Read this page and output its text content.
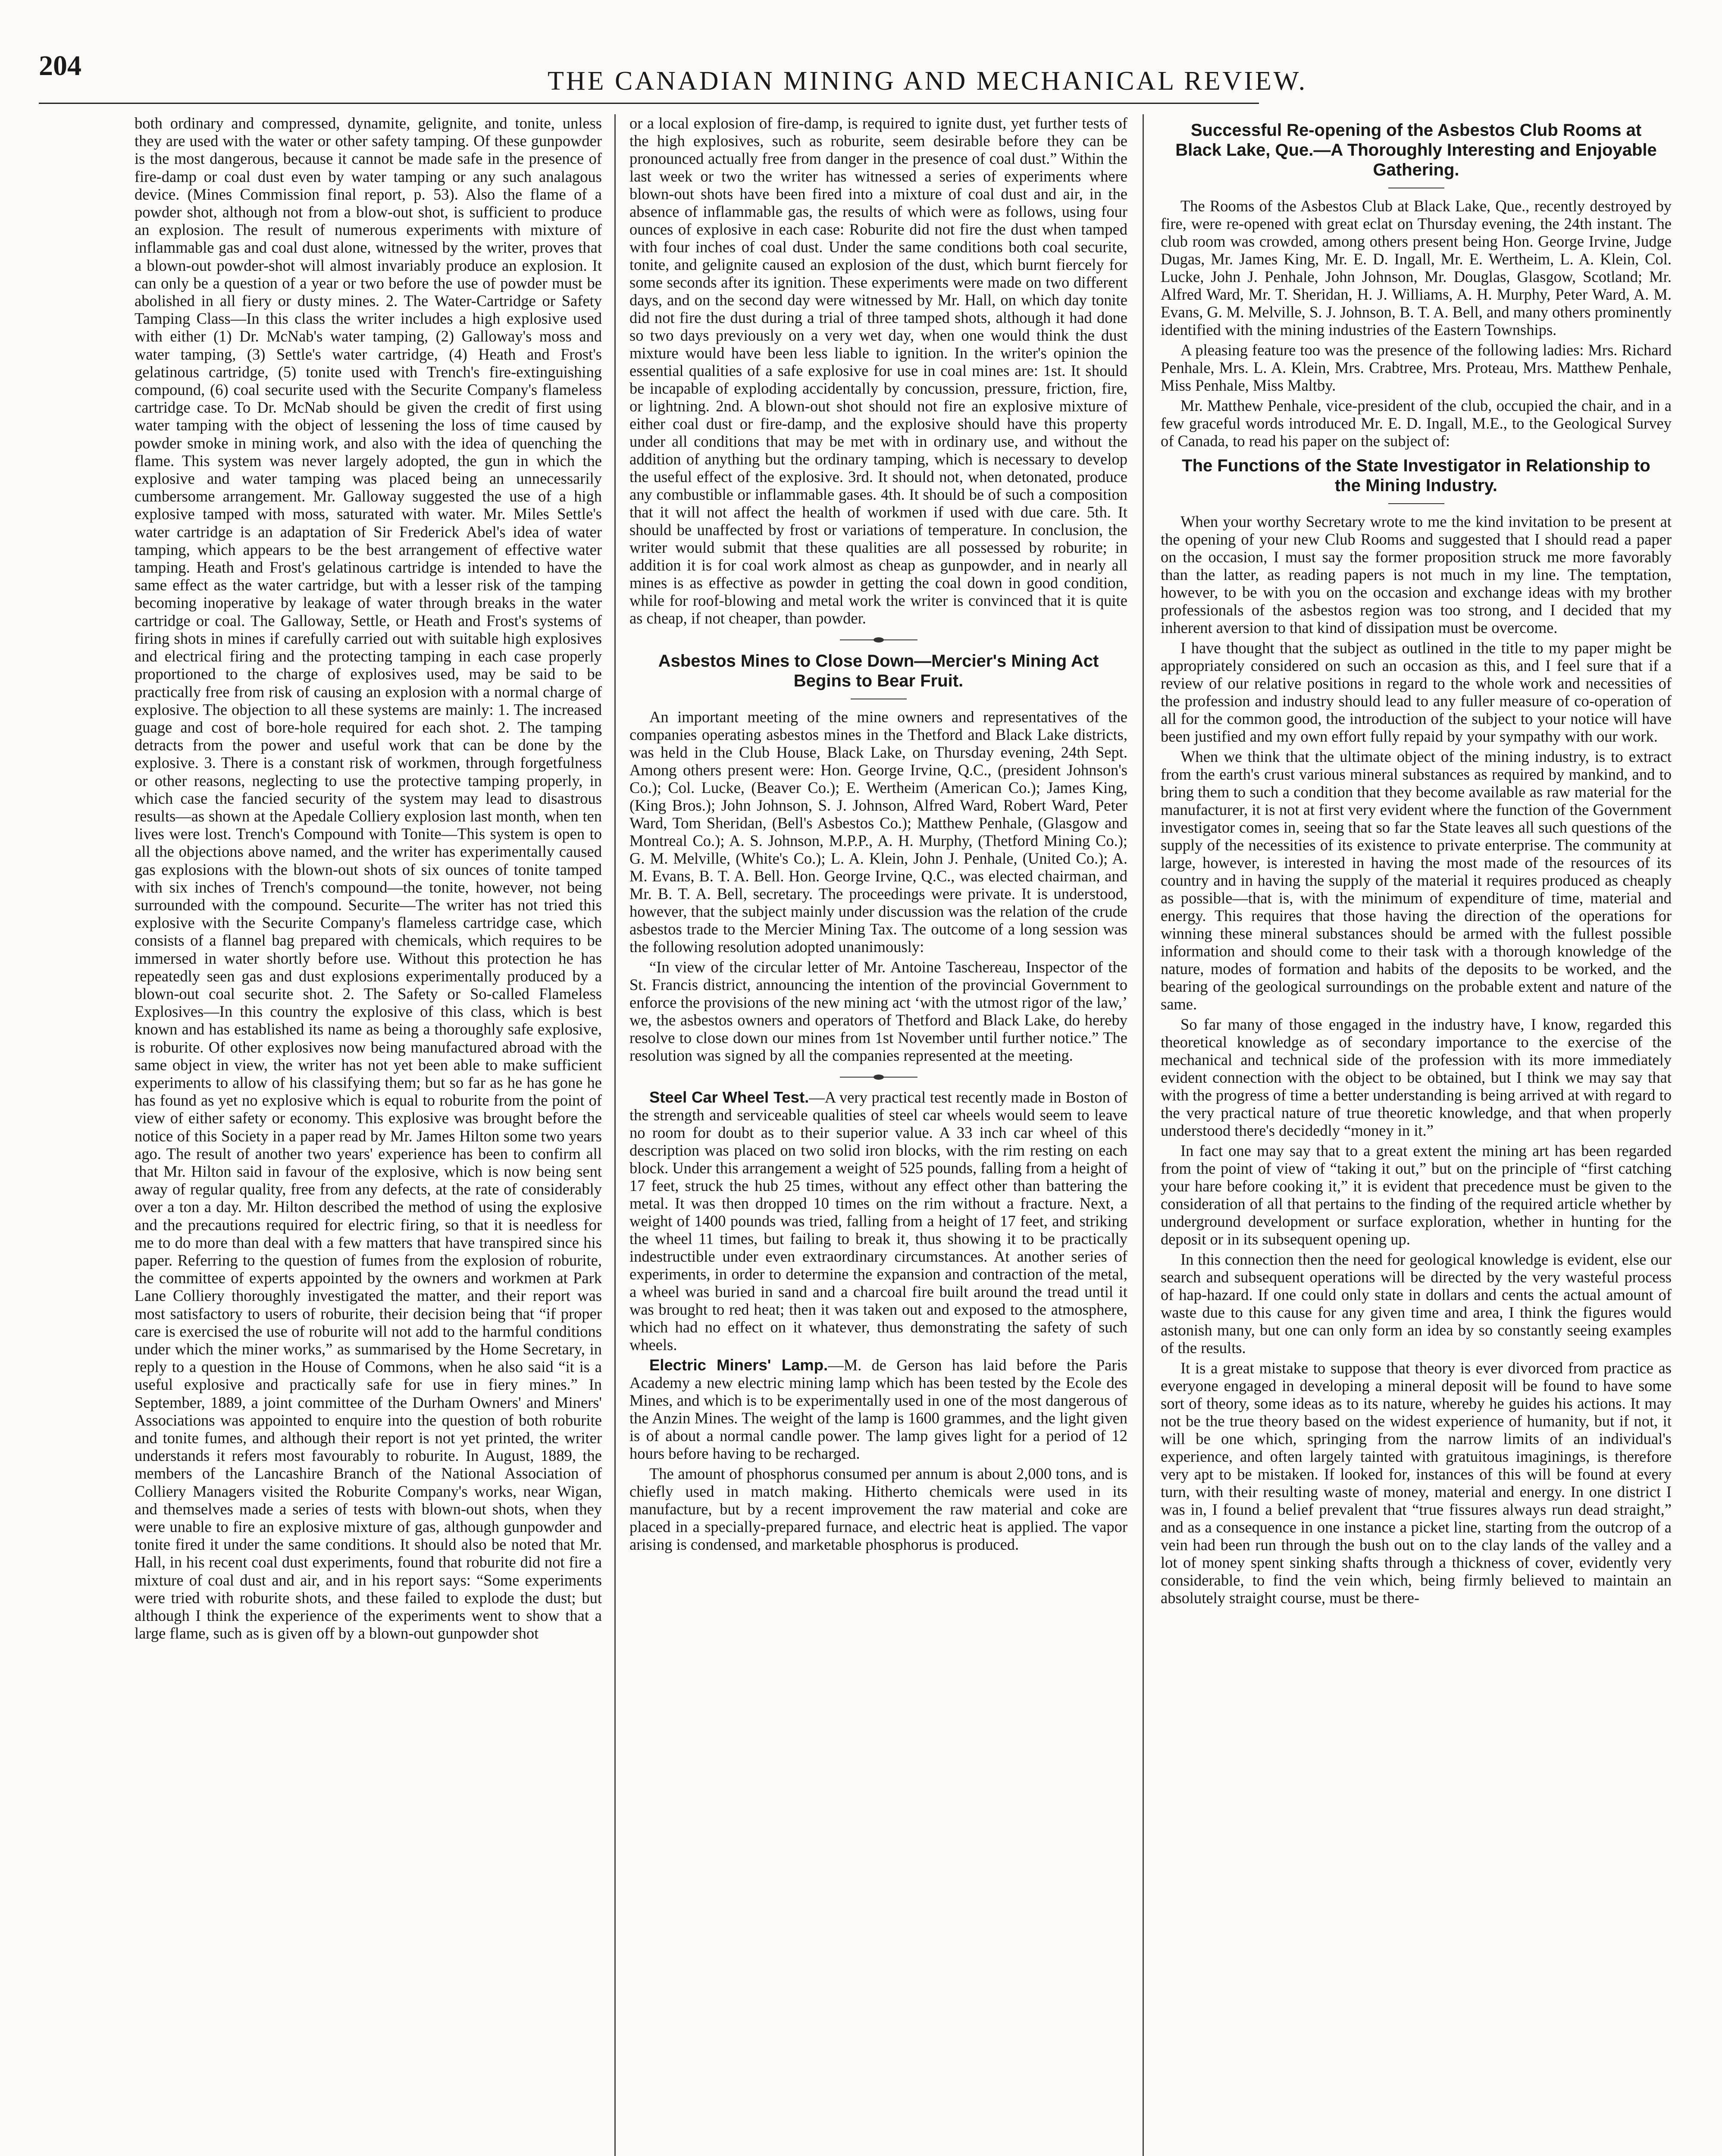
204	THE CANADIAN MINING AND MECHANICAL REVIEW.

both ordinary and compressed, dynamite, gelignite, and tonite, unless they are used with the water or other safety tamping. Of these gunpowder is the most dangerous, because it cannot be made safe in the presence of fire-damp or coal dust even by water tamping or any such analagous device. (Mines Commission final report, p. 53). Also the flame of a powder shot, although not from a blow-out shot, is sufficient to produce an explosion. The result of numerous experiments with mixture of inflammable gas and coal dust alone, witnessed by the writer, proves that a blown-out powder-shot will almost invariably produce an explosion. It can only be a question of a year or two before the use of powder must be abolished in all fiery or dusty mines. 2. The Water-Cartridge or Safety Tamping Class—In this class the writer includes a high explosive used with either (1) Dr. McNab's water tamping, (2) Galloway's moss and water tamping, (3) Settle's water cartridge, (4) Heath and Frost's gelatinous cartridge, (5) tonite used with Trench's fire-extinguishing compound, (6) coal securite used with the Securite Company's flameless cartridge case. To Dr. McNab should be given the credit of first using water tamping with the object of lessening the loss of time caused by powder smoke in mining work, and also with the idea of quenching the flame. This system was never largely adopted, the gun in which the explosive and water tamping was placed being an unnecessarily cumbersome arrangement. Mr. Galloway suggested the use of a high explosive tamped with moss, saturated with water. Mr. Miles Settle's water cartridge is an adaptation of Sir Frederick Abel's idea of water tamping, which appears to be the best arrangement of effective water tamping. Heath and Frost's gelatinous cartridge is intended to have the same effect as the water cartridge, but with a lesser risk of the tamping becoming inoperative by leakage of water through breaks in the water cartridge or coal. The Galloway, Settle, or Heath and Frost's systems of firing shots in mines if carefully carried out with suitable high explosives and electrical firing and the protecting tamping in each case properly proportioned to the charge of explosives used, may be said to be practically free from risk of causing an explosion with a normal charge of explosive. The objection to all these systems are mainly: 1. The increased guage and cost of bore-hole required for each shot. 2. The tamping detracts from the power and useful work that can be done by the explosive. 3. There is a constant risk of workmen, through forgetfulness or other reasons, neglecting to use the protective tamping properly, in which case the fancied security of the system may lead to disastrous results—as shown at the Apedale Colliery explosion last month, when ten lives were lost. Trench's Compound with Tonite—This system is open to all the objections above named, and the writer has experimentally caused gas explosions with the blown-out shots of six ounces of tonite tamped with six inches of Trench's compound—the tonite, however, not being surrounded with the compound. Securite—The writer has not tried this explosive with the Securite Company's flameless cartridge case, which consists of a flannel bag prepared with chemicals, which requires to be immersed in water shortly before use. Without this protection he has repeatedly seen gas and dust explosions experimentally produced by a blown-out coal securite shot. 2. The Safety or So-called Flameless Explosives—In this country the explosive of this class, which is best known and has established its name as being a thoroughly safe explosive, is roburite. Of other explosives now being manufactured abroad with the same object in view, the writer has not yet been able to make sufficient experiments to allow of his classifying them; but so far as he has gone he has found as yet no explosive which is equal to roburite from the point of view of either safety or economy. This explosive was brought before the notice of this Society in a paper read by Mr. James Hilton some two years ago. The result of another two years' experience has been to confirm all that Mr. Hilton said in favour of the explosive, which is now being sent away of regular quality, free from any defects, at the rate of considerably over a ton a day. Mr. Hilton described the method of using the explosive and the precautions required for electric firing, so that it is needless for me to do more than deal with a few matters that have transpired since his paper. Referring to the question of fumes from the explosion of roburite, the committee of experts appointed by the owners and workmen at Park Lane Colliery thoroughly investigated the matter, and their report was most satisfactory to users of roburite, their decision being that “if proper care is exercised the use of roburite will not add to the harmful conditions under which the miner works,” as summarised by the Home Secretary, in reply to a question in the House of Commons, when he also said “it is a useful explosive and practically safe for use in fiery mines.” In September, 1889, a joint committee of the Durham Owners' and Miners' Associations was appointed to enquire into the question of both roburite and tonite fumes, and although their report is not yet printed, the writer understands it refers most favourably to roburite. In August, 1889, the members of the Lancashire Branch of the National Association of Colliery Managers visited the Roburite Company's works, near Wigan, and themselves made a series of tests with blown-out shots, when they were unable to fire an explosive mixture of gas, although gunpowder and tonite fired it under the same conditions. It should also be noted that Mr. Hall, in his recent coal dust experiments, found that roburite did not fire a mixture of coal dust and air, and in his report says: “Some experiments were tried with roburite shots, and these failed to explode the dust; but although I think the experience of the experiments went to show that a large flame, such as is given off by a blown-out gunpowder shot

or a local explosion of fire-damp, is required to ignite dust, yet further tests of the high explosives, such as roburite, seem desirable before they can be pronounced actually free from danger in the presence of coal dust.” Within the last week or two the writer has witnessed a series of experiments where blown-out shots have been fired into a mixture of coal dust and air, in the absence of inflammable gas, the results of which were as follows, using four ounces of explosive in each case: Roburite did not fire the dust when tamped with four inches of coal dust. Under the same conditions both coal securite, tonite, and gelignite caused an explosion of the dust, which burnt fiercely for some seconds after its ignition. These experiments were made on two different days, and on the second day were witnessed by Mr. Hall, on which day tonite did not fire the dust during a trial of three tamped shots, although it had done so two days previously on a very wet day, when one would think the dust mixture would have been less liable to ignition. In the writer's opinion the essential qualities of a safe explosive for use in coal mines are: 1st. It should be incapable of exploding accidentally by concussion, pressure, friction, fire, or lightning. 2nd. A blown-out shot should not fire an explosive mixture of either coal dust or fire-damp, and the explosive should have this property under all conditions that may be met with in ordinary use, and without the addition of anything but the ordinary tamping, which is necessary to develop the useful effect of the explosive. 3rd. It should not, when detonated, produce any combustible or inflammable gases. 4th. It should be of such a composition that it will not affect the health of workmen if used with due care. 5th. It should be unaffected by frost or variations of temperature. In conclusion, the writer would submit that these qualities are all possessed by roburite; in addition it is for coal work almost as cheap as gunpowder, and in nearly all mines is as effective as powder in getting the coal down in good condition, while for roof-blowing and metal work the writer is convinced that it is quite as cheap, if not cheaper, than powder.

Asbestos Mines to Close Down—Mercier's Mining Act Begins to Bear Fruit.

An important meeting of the mine owners and representatives of the companies operating asbestos mines in the Thetford and Black Lake districts, was held in the Club House, Black Lake, on Thursday evening, 24th Sept. Among others present were: Hon. George Irvine, Q.C., (president Johnson's Co.); Col. Lucke, (Beaver Co.); E. Wertheim (American Co.); James King, (King Bros.); John Johnson, S. J. Johnson, Alfred Ward, Robert Ward, Peter Ward, Tom Sheridan, (Bell's Asbestos Co.); Matthew Penhale, (Glasgow and Montreal Co.); A. S. Johnson, M.P.P., A. H. Murphy, (Thetford Mining Co.); G. M. Melville, (White's Co.); L. A. Klein, John J. Penhale, (United Co.); A. M. Evans, B. T. A. Bell. Hon. George Irvine, Q.C., was elected chairman, and Mr. B. T. A. Bell, secretary. The proceedings were private. It is understood, however, that the subject mainly under discussion was the relation of the crude asbestos trade to the Mercier Mining Tax. The outcome of a long session was the following resolution adopted unanimously:

“In view of the circular letter of Mr. Antoine Taschereau, Inspector of the St. Francis district, announcing the intention of the provincial Government to enforce the provisions of the new mining act ‘with the utmost rigor of the law,’ we, the asbestos owners and operators of Thetford and Black Lake, do hereby resolve to close down our mines from 1st November until further notice.” The resolution was signed by all the companies represented at the meeting.

Steel Car Wheel Test.—A very practical test recently made in Boston of the strength and serviceable qualities of steel car wheels would seem to leave no room for doubt as to their superior value. A 33 inch car wheel of this description was placed on two solid iron blocks, with the rim resting on each block. Under this arrangement a weight of 525 pounds, falling from a height of 17 feet, struck the hub 25 times, without any effect other than battering the metal. It was then dropped 10 times on the rim without a fracture. Next, a weight of 1400 pounds was tried, falling from a height of 17 feet, and striking the wheel 11 times, but failing to break it, thus showing it to be practically indestructible under even extraordinary circumstances. At another series of experiments, in order to determine the expansion and contraction of the metal, a wheel was buried in sand and a charcoal fire built around the tread until it was brought to red heat; then it was taken out and exposed to the atmosphere, which had no effect on it whatever, thus demonstrating the safety of such wheels.

Electric Miners' Lamp.—M. de Gerson has laid before the Paris Academy a new electric mining lamp which has been tested by the Ecole des Mines, and which is to be experimentally used in one of the most dangerous of the Anzin Mines. The weight of the lamp is 1600 grammes, and the light given is of about a normal candle power. The lamp gives light for a period of 12 hours before having to be recharged.

The amount of phosphorus consumed per annum is about 2,000 tons, and is chiefly used in match making. Hitherto chemicals were used in its manufacture, but by a recent improvement the raw material and coke are placed in a specially-prepared furnace, and electric heat is applied. The vapor arising is condensed, and marketable phosphorus is produced.

Successful Re-opening of the Asbestos Club Rooms at Black Lake, Que.—A Thoroughly Interesting and Enjoyable Gathering.

The Rooms of the Asbestos Club at Black Lake, Que., recently destroyed by fire, were re-opened with great eclat on Thursday evening, the 24th instant. The club room was crowded, among others present being Hon. George Irvine, Judge Dugas, Mr. James King, Mr. E. D. Ingall, Mr. E. Wertheim, L. A. Klein, Col. Lucke, John J. Penhale, John Johnson, Mr. Douglas, Glasgow, Scotland; Mr. Alfred Ward, Mr. T. Sheridan, H. J. Williams, A. H. Murphy, Peter Ward, A. M. Evans, G. M. Melville, S. J. Johnson, B. T. A. Bell, and many others prominently identified with the mining industries of the Eastern Townships.

A pleasing feature too was the presence of the following ladies: Mrs. Richard Penhale, Mrs. L. A. Klein, Mrs. Crabtree, Mrs. Proteau, Mrs. Matthew Penhale, Miss Penhale, Miss Maltby.

Mr. Matthew Penhale, vice-president of the club, occupied the chair, and in a few graceful words introduced Mr. E. D. Ingall, M.E., to the Geological Survey of Canada, to read his paper on the subject of:

The Functions of the State Investigator in Relationship to the Mining Industry.

When your worthy Secretary wrote to me the kind invitation to be present at the opening of your new Club Rooms and suggested that I should read a paper on the occasion, I must say the former proposition struck me more favorably than the latter, as reading papers is not much in my line. The temptation, however, to be with you on the occasion and exchange ideas with my brother professionals of the asbestos region was too strong, and I decided that my inherent aversion to that kind of dissipation must be overcome.

I have thought that the subject as outlined in the title to my paper might be appropriately considered on such an occasion as this, and I feel sure that if a review of our relative positions in regard to the whole work and necessities of the profession and industry should lead to any fuller measure of co-operation of all for the common good, the introduction of the subject to your notice will have been justified and my own effort fully repaid by your sympathy with our work.

When we think that the ultimate object of the mining industry, is to extract from the earth's crust various mineral substances as required by mankind, and to bring them to such a condition that they become available as raw material for the manufacturer, it is not at first very evident where the function of the Government investigator comes in, seeing that so far the State leaves all such questions of the supply of the necessities of its existence to private enterprise. The community at large, however, is interested in having the most made of the resources of its country and in having the supply of the material it requires produced as cheaply as possible—that is, with the minimum of expenditure of time, material and energy. This requires that those having the direction of the operations for winning these mineral substances should be armed with the fullest possible information and should come to their task with a thorough knowledge of the nature, modes of formation and habits of the deposits to be worked, and the bearing of the geological surroundings on the probable extent and nature of the same.

So far many of those engaged in the industry have, I know, regarded this theoretical knowledge as of secondary importance to the exercise of the mechanical and technical side of the profession with its more immediately evident connection with the object to be obtained, but I think we may say that with the progress of time a better understanding is being arrived at with regard to the very practical nature of true theoretic knowledge, and that when properly understood there's decidedly “money in it.”

In fact one may say that to a great extent the mining art has been regarded from the point of view of “taking it out,” but on the principle of “first catching your hare before cooking it,” it is evident that precedence must be given to the consideration of all that pertains to the finding of the required article whether by underground development or surface exploration, whether in hunting for the deposit or in its subsequent opening up.

In this connection then the need for geological knowledge is evident, else our search and subsequent operations will be directed by the very wasteful process of hap-hazard. If one could only state in dollars and cents the actual amount of waste due to this cause for any given time and area, I think the figures would astonish many, but one can only form an idea by so constantly seeing examples of the results.

It is a great mistake to suppose that theory is ever divorced from practice as everyone engaged in developing a mineral deposit will be found to have some sort of theory, some ideas as to its nature, whereby he guides his actions. It may not be the true theory based on the widest experience of humanity, but if not, it will be one which, springing from the narrow limits of an individual's experience, and often largely tainted with gratuitous imaginings, is therefore very apt to be mistaken. If looked for, instances of this will be found at every turn, with their resulting waste of money, material and energy. In one district I was in, I found a belief prevalent that “true fissures always run dead straight,” and as a consequence in one instance a picket line, starting from the outcrop of a vein had been run through the bush out on to the clay lands of the valley and a lot of money spent sinking shafts through a thickness of cover, evidently very considerable, to find the vein which, being firmly believed to maintain an absolutely straight course, must be there-
